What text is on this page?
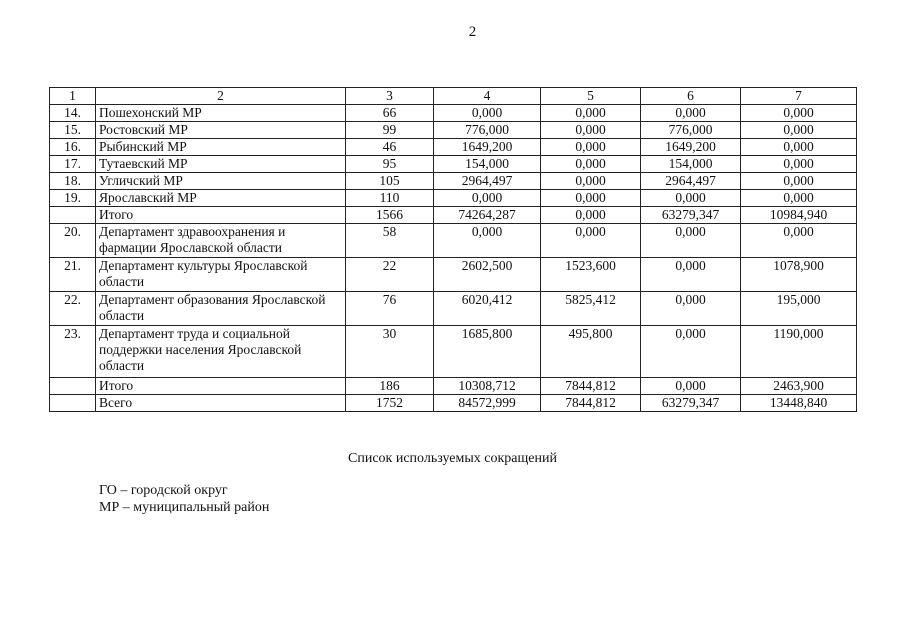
2
1	2	3	4	5	6	7
14.	Пошехонский МР	66	0,000	0,000	0,000	0,000
15.	Ростовский МР	99	776,000	0,000	776,000	0,000
16.	Рыбинский МР	46	1649,200	0,000	1649,200	0,000
17.	Тутаевский МР	95	154,000	0,000	154,000	0,000
18.	Угличский МР	105	2964,497	0,000	2964,497	0,000
19.	Ярославский МР	110	0,000	0,000	0,000	0,000
	Итого	1566	74264,287	0,000	63279,347	10984,940
20.	Департамент здравоохранения и фармации Ярославской области	58	0,000	0,000	0,000	0,000
21.	Департамент культуры Ярославской области	22	2602,500	1523,600	0,000	1078,900
22.	Департамент образования Ярославской области	76	6020,412	5825,412	0,000	195,000
23.	Департамент труда и социальной поддержки населения Ярославской области	30	1685,800	495,800	0,000	1190,000
	Итого	186	10308,712	7844,812	0,000	2463,900
	Всего	1752	84572,999	7844,812	63279,347	13448,840
Список используемых сокращений
ГО – городской округ
МР – муниципальный район
